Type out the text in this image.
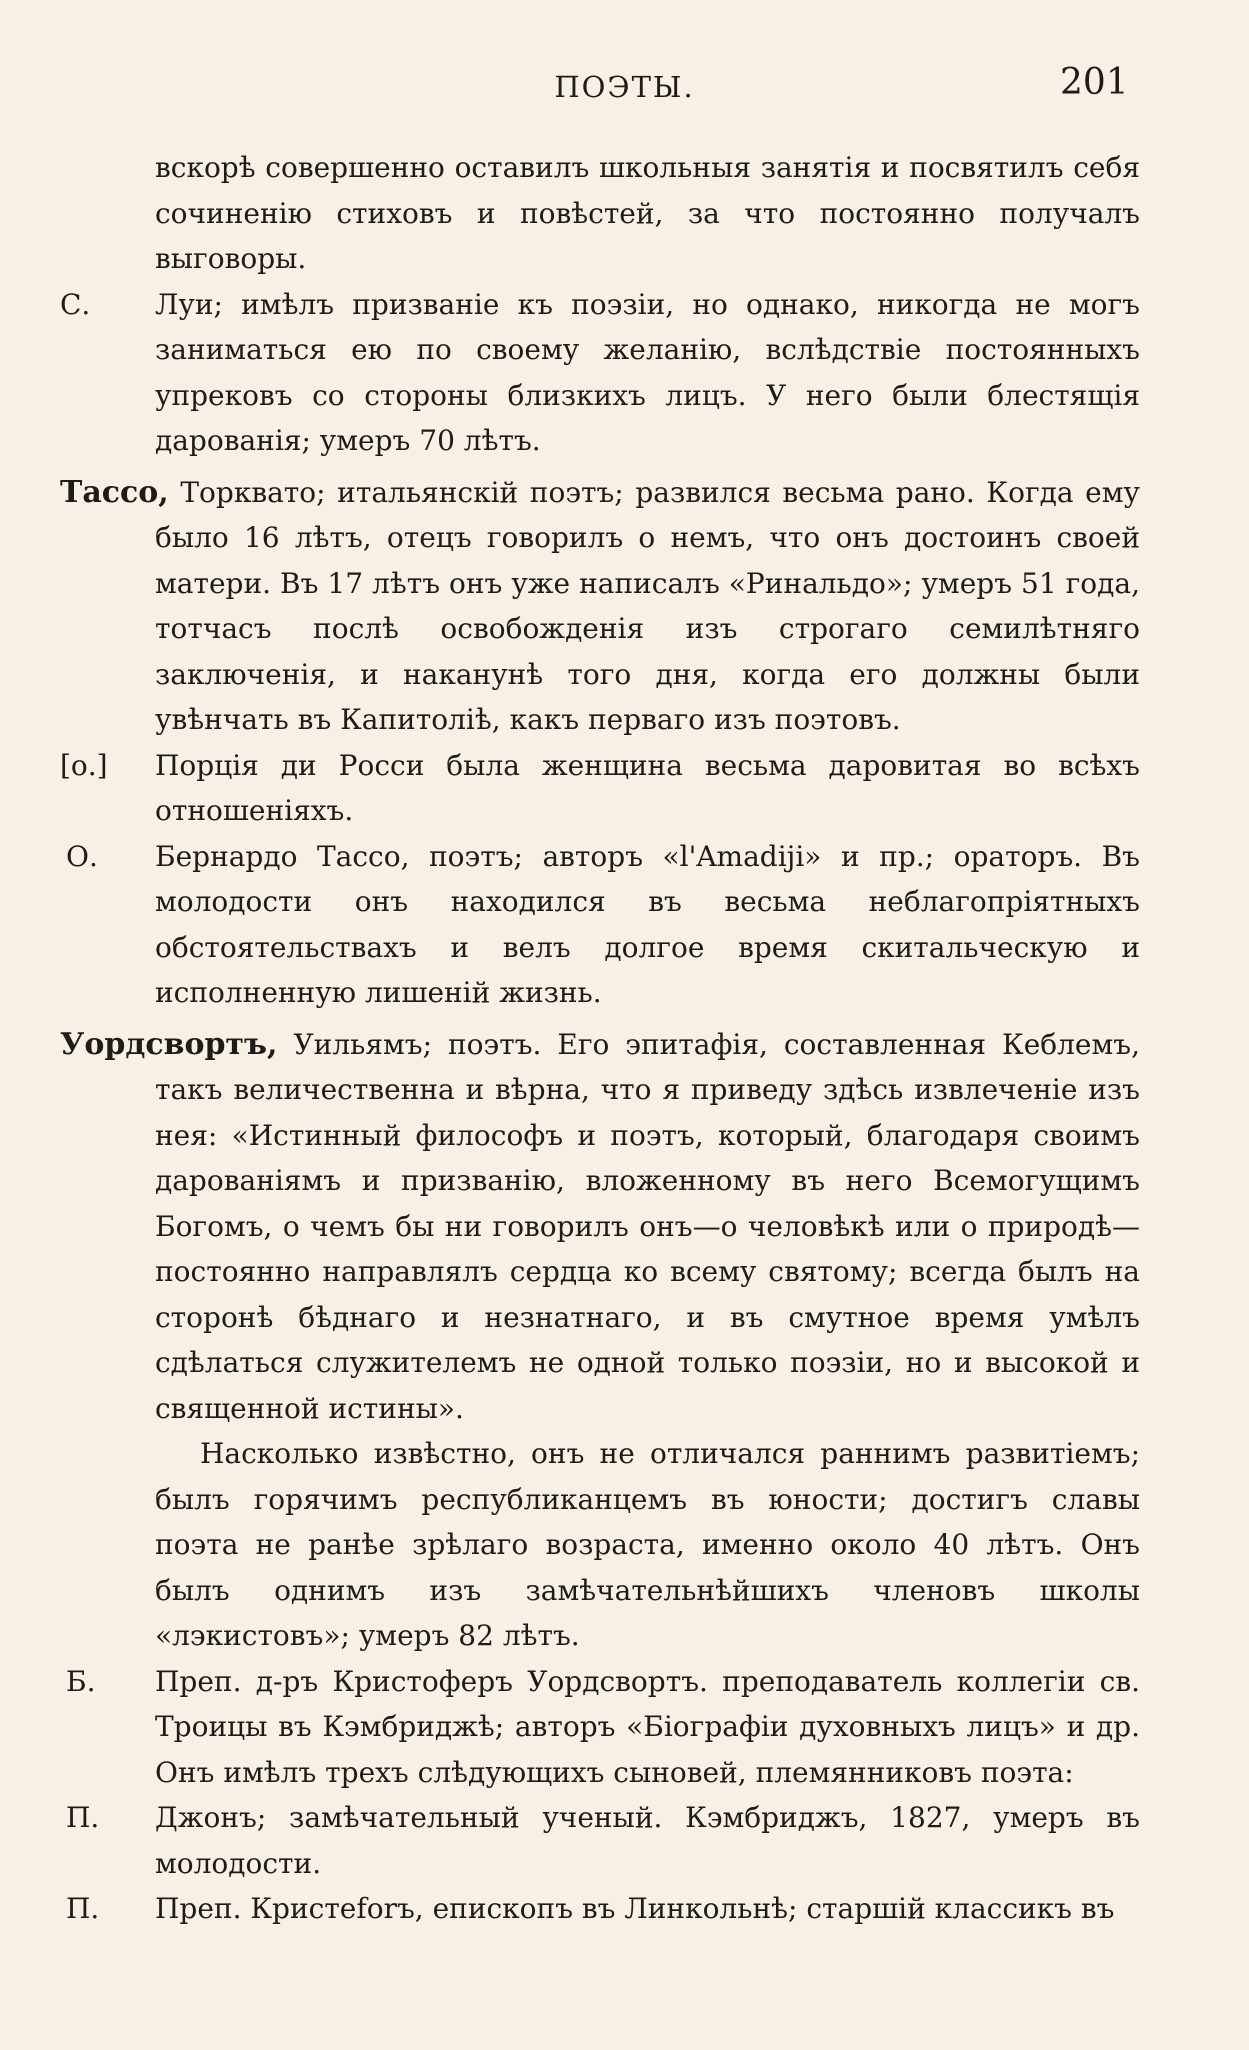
ПОЭТЫ.	201
вскорѣ совершенно оставилъ школьныя занятія и посвятилъ себя сочиненію стиховъ и повѣстей, за что постоянно получалъ выговоры.
С.	Луи; имѣлъ призваніе къ поэзіи, но однако, никогда не могъ заниматься ею по своему желанію, вслѣдствіе постоянныхъ упрековъ со стороны близкихъ лицъ. У него были блестящія дарованія; умеръ 70 лѣтъ.
Тассо, Торквато; итальянскій поэтъ; развился весьма рано. Когда ему было 16 лѣтъ, отецъ говорилъ о немъ, что онъ достоинъ своей матери. Въ 17 лѣтъ онъ уже написалъ «Ринальдо»; умеръ 51 года, тотчасъ послѣ освобожденія изъ строгаго семилѣтняго заключенія, и наканунѣ того дня, когда его должны были увѣнчать въ Капитоліѣ, какъ перваго изъ поэтовъ.
[о.]	Порція ди Росси была женщина весьма даровитая во всѣхъ отношеніяхъ.
О.	Бернардо Тассо, поэтъ; авторъ «l'Amadiji» и пр.; ораторъ. Въ молодости онъ находился въ весьма неблагопріятныхъ обстоятельствахъ и велъ долгое время скитальческую и исполненную лишеній жизнь.
Уордсвортъ, Уильямъ; поэтъ. Его эпитафія, составленная Кеблемъ, такъ величественна и вѣрна, что я приведу здѣсь извлеченіе изъ нея: «Истинный философъ и поэтъ, который, благодаря своимъ дарованіямъ и призванію, вложенному въ него Всемогущимъ Богомъ, о чемъ бы ни говорилъ онъ—о человѣкѣ или о природѣ—постоянно направлялъ сердца ко всему святому; всегда былъ на сторонѣ бѣднаго и незнатнаго, и въ смутное время умѣлъ сдѣлаться служителемъ не одной только поэзіи, но и высокой и священной истины».
Насколько извѣстно, онъ не отличался раннимъ развитіемъ; былъ горячимъ республиканцемъ въ юности; достигъ славы поэта не ранѣе зрѣлаго возраста, именно около 40 лѣтъ. Онъ былъ однимъ изъ замѣчательнѣйшихъ членовъ школы «лэкистовъ»; умеръ 82 лѣтъ.
Б.	Преп. д-ръ Кристоферъ Уордсвортъ. преподаватель коллегіи св. Троицы въ Кэмбриджѣ; авторъ «Біографіи духовныхъ лицъ» и др. Онъ имѣлъ трехъ слѣдующихъ сыновей, племянниковъ поэта:
П.	Джонъ; замѣчательный ученый. Кэмбриджъ, 1827, умеръ въ молодости.
П.	Преп. Кристеforъ, епископъ въ Линкольнѣ; старшій классикъ въ
